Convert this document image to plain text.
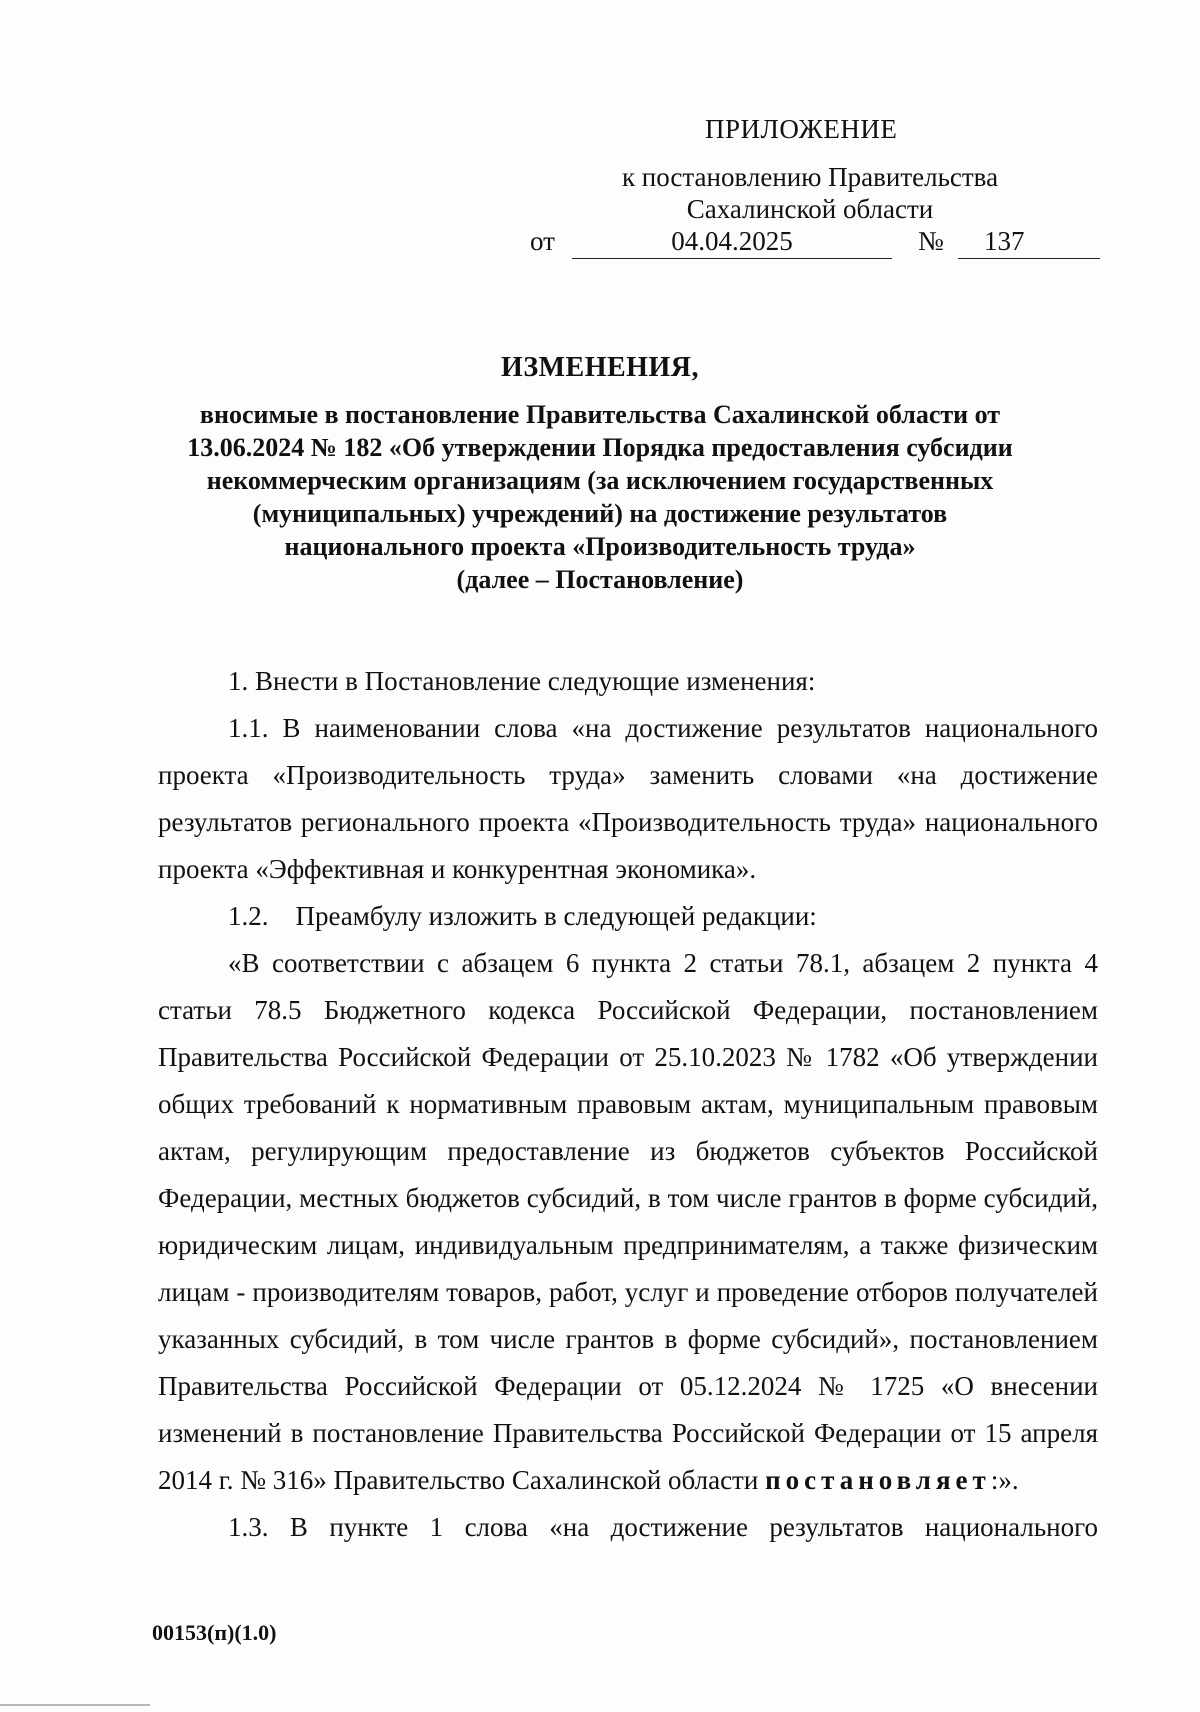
ПРИЛОЖЕНИЕ
к постановлению Правительства
Сахалинской области
от	04.04.2025	№ 137
ИЗМЕНЕНИЯ,
вносимые в постановление Правительства Сахалинской области от
13.06.2024 № 182 «Об утверждении Порядка предоставления субсидии
некоммерческим организациям (за исключением государственных
(муниципальных) учреждений) на достижение результатов
национального проекта «Производительность труда»
(далее – Постановление)

1. Внести в Постановление следующие изменения:

1.1. В наименовании слова «на достижение результатов национального проекта «Производительность труда» заменить словами «на достижение результатов регионального проекта «Производительность труда» национального проекта «Эффективная и конкурентная экономика».

1.2.    Преамбулу изложить в следующей редакции:

«В соответствии с абзацем 6 пункта 2 статьи 78.1, абзацем 2 пункта 4 статьи 78.5 Бюджетного кодекса Российской Федерации, постановлением Правительства Российской Федерации от 25.10.2023 № 1782 «Об утверждении общих требований к нормативным правовым актам, муниципальным правовым актам, регулирующим предоставление из бюджетов субъектов Российской Федерации, местных бюджетов субсидий, в том числе грантов в форме субсидий, юридическим лицам, индивидуальным предпринимателям, а также физическим лицам - производителям товаров, работ, услуг и проведение отборов получателей указанных субсидий, в том числе грантов в форме субсидий», постановлением Правительства Российской Федерации от 05.12.2024 № 1725 «О внесении изменений в постановление Правительства Российской Федерации от 15 апреля 2014 г. № 316» Правительство Сахалинской области постановляет:».

1.3. В пункте 1 слова «на достижение результатов национального

00153(п)(1.0)
